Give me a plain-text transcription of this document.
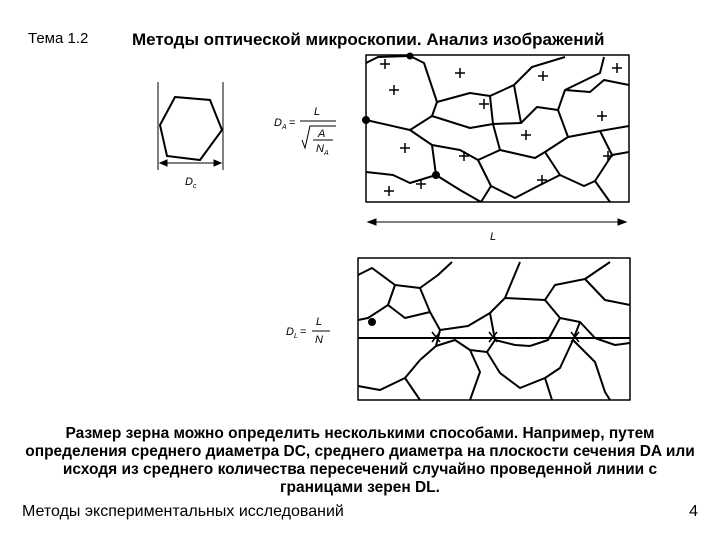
Тема 1.2	Методы оптической микроскопии. Анализ изображений
D c
D A =
L
A
N A
L
D L =
L
N
Размер зерна можно определить несколькими способами. Например, путем определения среднего диаметра DC, среднего диаметра на плоскости сечения DA или исходя из среднего количества пересечений случайно проведенной линии с границами зерен DL.
Методы экспериментальных исследований	4
